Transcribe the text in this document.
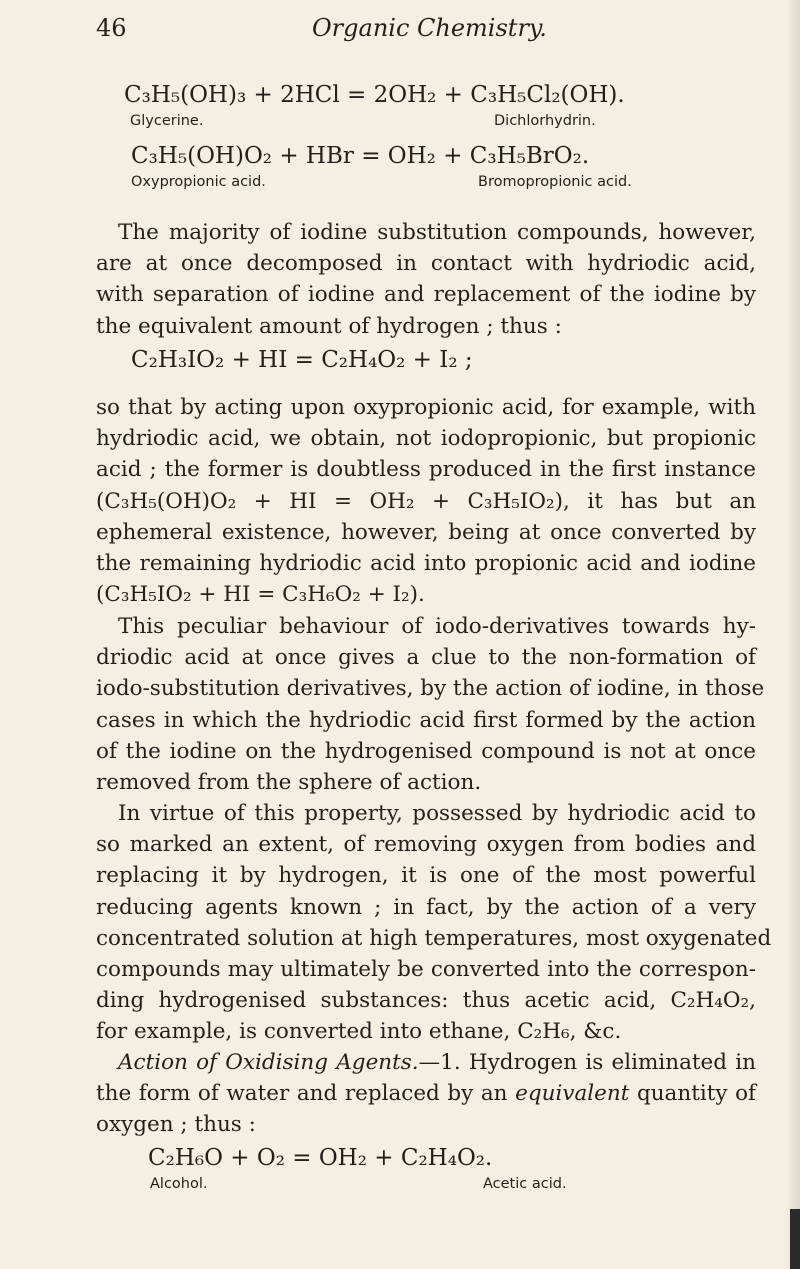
46	Organic Chemistry.
C₃H₅(OH)₃ + 2HCl = 2OH₂ + C₃H₅Cl₂(OH).
Glycerine.	Dichlorhydrin.
C₃H₅(OH)O₂ + HBr = OH₂ + C₃H₅BrO₂.
Oxypropionic acid.	Bromopropionic acid.
The majority of iodine substitution compounds, however,
are at once decomposed in contact with hydriodic acid,
with separation of iodine and replacement of the iodine by
the equivalent amount of hydrogen ; thus :
C₂H₃IO₂ + HI = C₂H₄O₂ + I₂ ;
so that by acting upon oxypropionic acid, for example, with
hydriodic acid, we obtain, not iodopropionic, but propionic
acid ; the former is doubtless produced in the first instance
(C₃H₅(OH)O₂ + HI = OH₂ + C₃H₅IO₂), it has but an
ephemeral existence, however, being at once converted by
the remaining hydriodic acid into propionic acid and iodine
(C₃H₅IO₂ + HI = C₃H₆O₂ + I₂).
This peculiar behaviour of iodo-derivatives towards hy-
driodic acid at once gives a clue to the non-formation of
iodo-substitution derivatives, by the action of iodine, in those
cases in which the hydriodic acid first formed by the action
of the iodine on the hydrogenised compound is not at once
removed from the sphere of action.
In virtue of this property, possessed by hydriodic acid to
so marked an extent, of removing oxygen from bodies and
replacing it by hydrogen, it is one of the most powerful
reducing agents known ; in fact, by the action of a very
concentrated solution at high temperatures, most oxygenated
compounds may ultimately be converted into the correspon-
ding hydrogenised substances: thus acetic acid, C₂H₄O₂,
for example, is converted into ethane, C₂H₆, &c.
Action of Oxidising Agents.—1. Hydrogen is eliminated in
the form of water and replaced by an equivalent quantity of
oxygen ; thus :
C₂H₆O + O₂ = OH₂ + C₂H₄O₂.
Alcohol.	Acetic acid.
